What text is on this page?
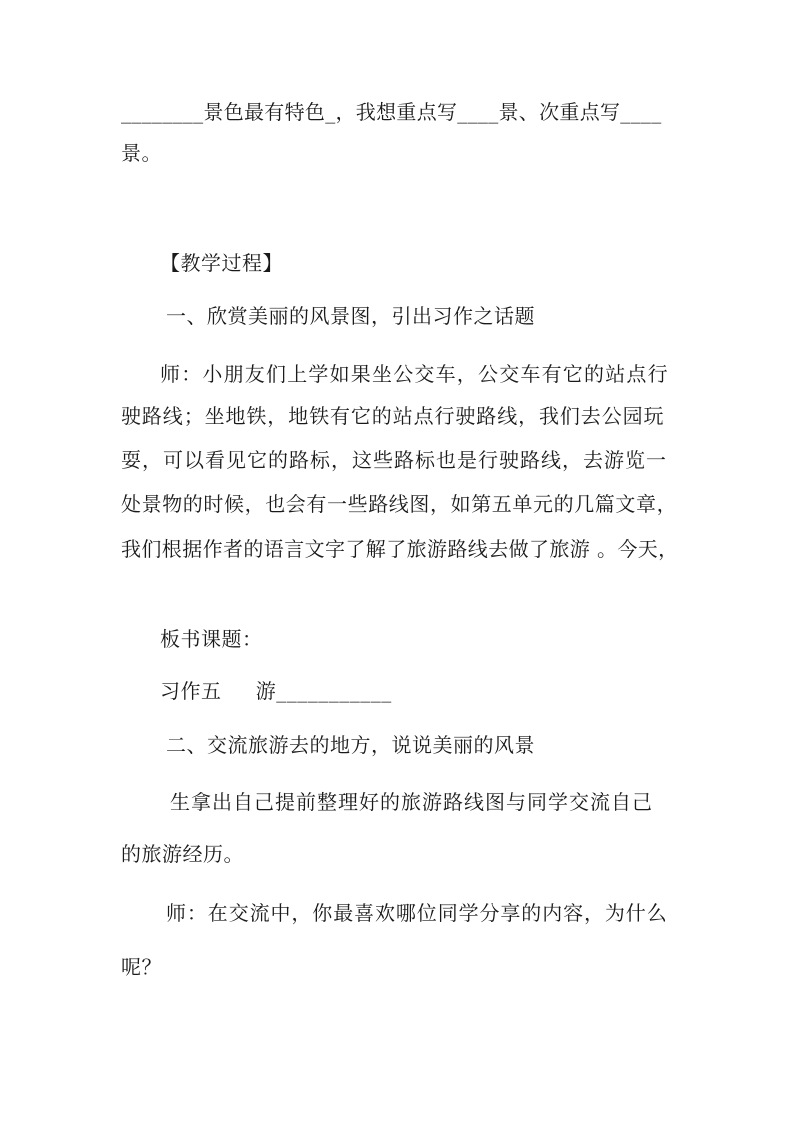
________景色最有特色_，我想重点写____景、次重点写____
景。
【教学过程】
一、欣赏美丽的风景图，引出习作之话题
师：小朋友们上学如果坐公交车，公交车有它的站点行
驶路线；坐地铁，地铁有它的站点行驶路线，我们去公园玩
耍，可以看见它的路标，这些路标也是行驶路线，去游览一
处景物的时候，也会有一些路线图，如第五单元的几篇文章，
我们根据作者的语言文字了解了旅游路线去做了旅游 。今天，
板书课题：
习作五     游___________
二、交流旅游去的地方，说说美丽的风景
生拿出自己提前整理好的旅游路线图与同学交流自己
的旅游经历。
师：在交流中，你最喜欢哪位同学分享的内容，为什么
呢？
